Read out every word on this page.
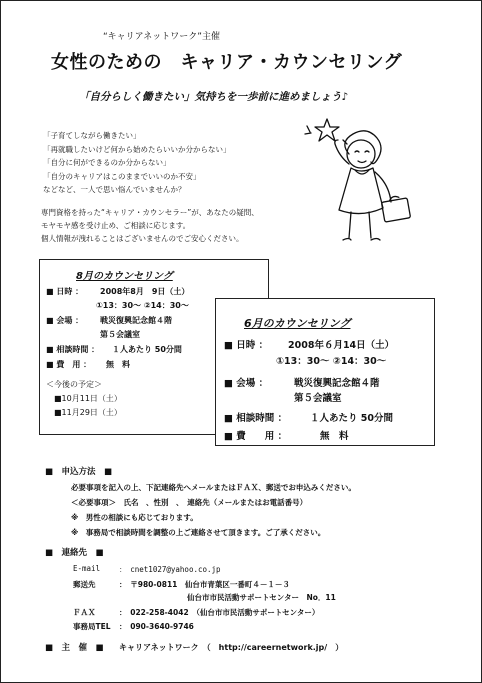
“キャリアネットワーク”主催
女性のための　キャリア・カウンセリング
「自分らしく働きたい」気持ちを一歩前に進めましょう♪
「子育てしながら働きたい」
「再就職したいけど何から始めたらいいか分からない」
「自分に何ができるのか分からない」
「自分のキャリアはこのままでいいのか不安」
などなど、一人で思い悩んでいませんか？
専門資格を持った“キャリア・カウンセラー”が、あなたの疑問、
モヤモヤ感を受け止め、ご相談に応じます。
個人情報が洩れることはございませんのでご安心ください。
8月のカウンセリング
■ 日時 ： 2008年8月　9日（土）
①13：30～ ②14：30～
■ 会場 ： 戦災復興記念館４階
第５会議室
■ 相談時間 ： １人あたり 50分間
■ 費　用 ： 無　料
＜今後の予定＞
■10月11日（土）
■11月29日（土）
6月のカウンセリング
■ 日時 ： 2008年６月14日（土）
①13：30～ ②14：30～
■ 会場 ：	戦災復興記念館４階
第５会議室
■ 相談時間 ： １人あたり 50分間
■ 費　　用 ：	無　料
■　申込方法　■
必要事項を記入の上、下記連絡先へメールまたはＦＡＸ、郵送でお申込みください。
＜必要事項＞　氏名　、性別　、　連絡先（メールまたはお電話番号）
※　男性の相談にも応じております。
※　事務局で相談時間を調整の上ご連絡させて頂きます。ご了承ください。
■　連絡先　■
E-mail	：　cnet1027@yahoo.co.jp
郵送先	：　〒980-0811　仙台市青葉区一番町４－１－３
仙台市市民活動サポートセンター　No．11
ＦＡＸ	：　022-258-4042　（仙台市市民活動サポートセンター）
事務局TEL ：　090-3640-9746
■　主　催　■ キャリアネットワーク　（　http://careernetwork.jp/　）
